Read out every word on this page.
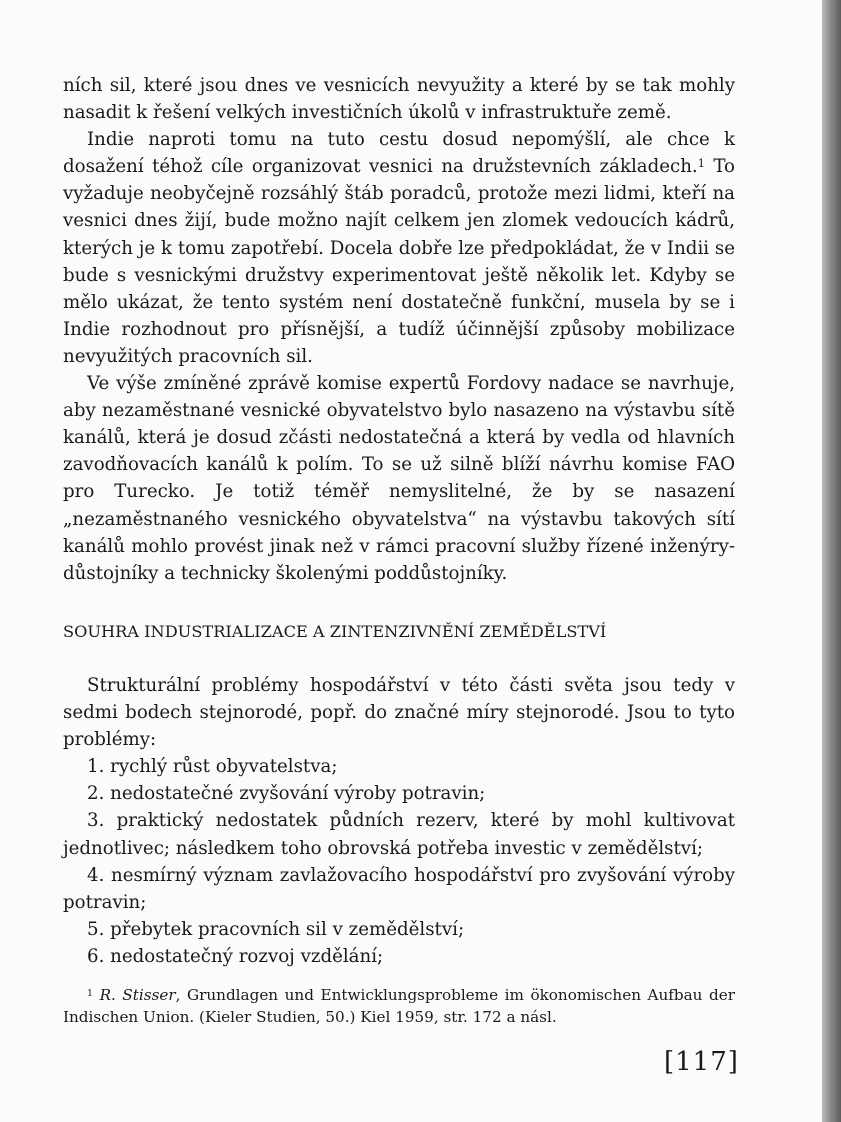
ních sil, které jsou dnes ve vesnicích nevyužity a které by se tak mohly nasadit k řešení velkých investičních úkolů v infrastruktuře země.

Indie naproti tomu na tuto cestu dosud nepomýšlí, ale chce k dosažení téhož cíle organizovat vesnici na družstevních základech.$^1$ To vyžaduje neobyčejně rozsáhlý štáb poradců, protože mezi lidmi, kteří na vesnici dnes žijí, bude možno najít celkem jen zlomek vedoucích kádrů, kterých je k tomu zapotřebí. Docela dobře lze předpokládat, že v Indii se bude s vesnickými družstvy experimentovat ještě několik let. Kdyby se mělo ukázat, že tento systém není dostatečně funkční, musela by se i Indie rozhodnout pro přísnější, a tudíž účinnější způsoby mobilizace nevyužitých pracovních sil.

Ve výše zmíněné zprávě komise expertů Fordovy nadace se navrhuje, aby nezaměstnané vesnické obyvatelstvo bylo nasazeno na výstavbu sítě kanálů, která je dosud zčásti nedostatečná a která by vedla od hlavních zavodňovacích kanálů k polím. To se už silně blíží návrhu komise FAO pro Turecko. Je totiž téměř nemyslitelné, že by se nasazení „nezaměstnaného vesnického obyvatelstva“ na výstavbu takových sítí kanálů mohlo provést jinak než v rámci pracovní služby řízené inženýry-důstojníky a technicky školenými poddůstojníky.

SOUHRA INDUSTRIALIZACE A ZINTENZIVNĚNÍ ZEMĚDĚLSTVÍ

Strukturální problémy hospodářství v této části světa jsou tedy v sedmi bodech stejnorodé, popř. do značné míry stejnorodé. Jsou to tyto problémy:

1. rychlý růst obyvatelstva;
2. nedostatečné zvyšování výroby potravin;
3. praktický nedostatek půdních rezerv, které by mohl kultivovat jednotlivec; následkem toho obrovská potřeba investic v zemědělství;
4. nesmírný význam zavlažovacího hospodářství pro zvyšování výroby potravin;
5. přebytek pracovních sil v zemědělství;
6. nedostatečný rozvoj vzdělání;

$^1$ R. Stisser, Grundlagen und Entwicklungsprobleme im ökonomischen Aufbau der Indischen Union. (Kieler Studien, 50.) Kiel 1959, str. 172 a násl.

[117]
